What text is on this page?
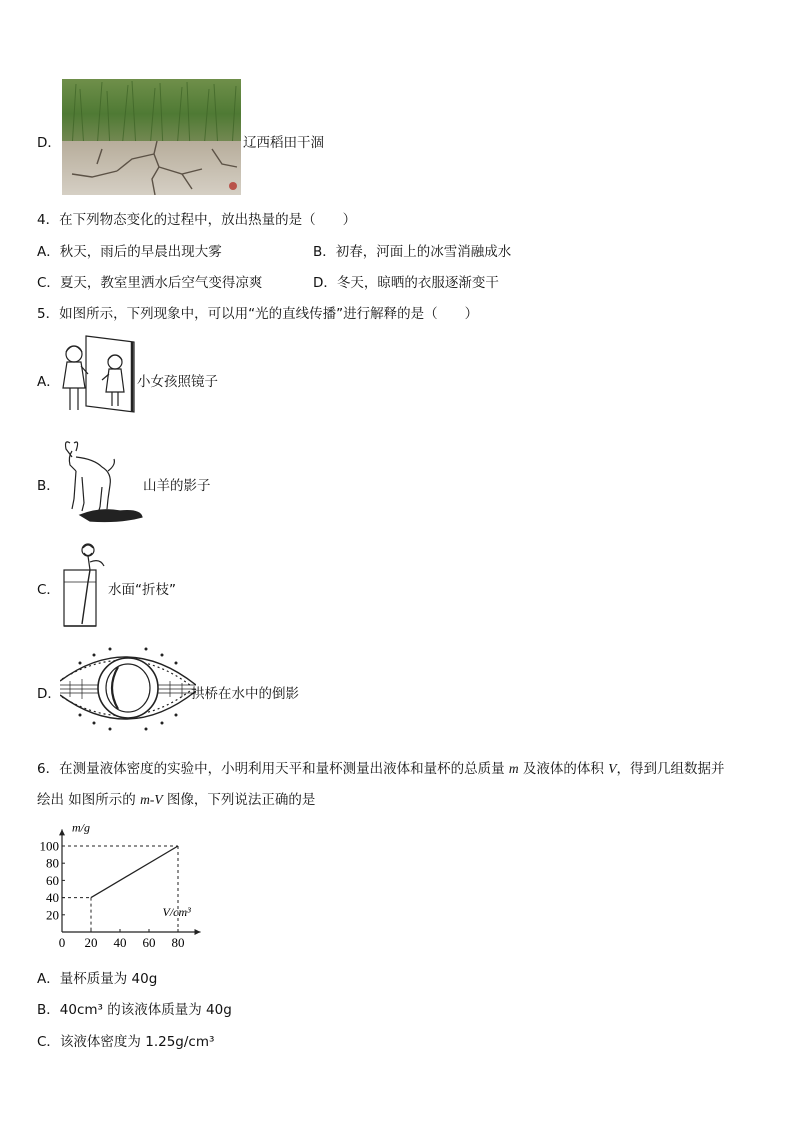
D．	辽西稻田干涸
4．在下列物态变化的过程中，放出热量的是（　　）
A．秋天，雨后的早晨出现大雾	B．初春，河面上的冰雪消融成水
C．夏天，教室里洒水后空气变得凉爽	D．冬天，晾晒的衣服逐渐变干
5．如图所示，下列现象中，可以用“光的直线传播”进行解释的是（　　）
A．	小女孩照镜子
B．	山羊的影子
C．	水面“折枝”
D．	拱桥在水中的倒影
6．在测量液体密度的实验中，小明利用天平和量杯测量出液体和量杯的总质量 m 及液体的体积 V，得到几组数据并
绘出 如图所示的 m-V 图像，下列说法正确的是
m/g
V/cm³
0 20 40 60 80
20
40
60
80
100
A．量杯质量为 40g
B．40cm³ 的该液体质量为 40g
C．该液体密度为 1.25g/cm³
